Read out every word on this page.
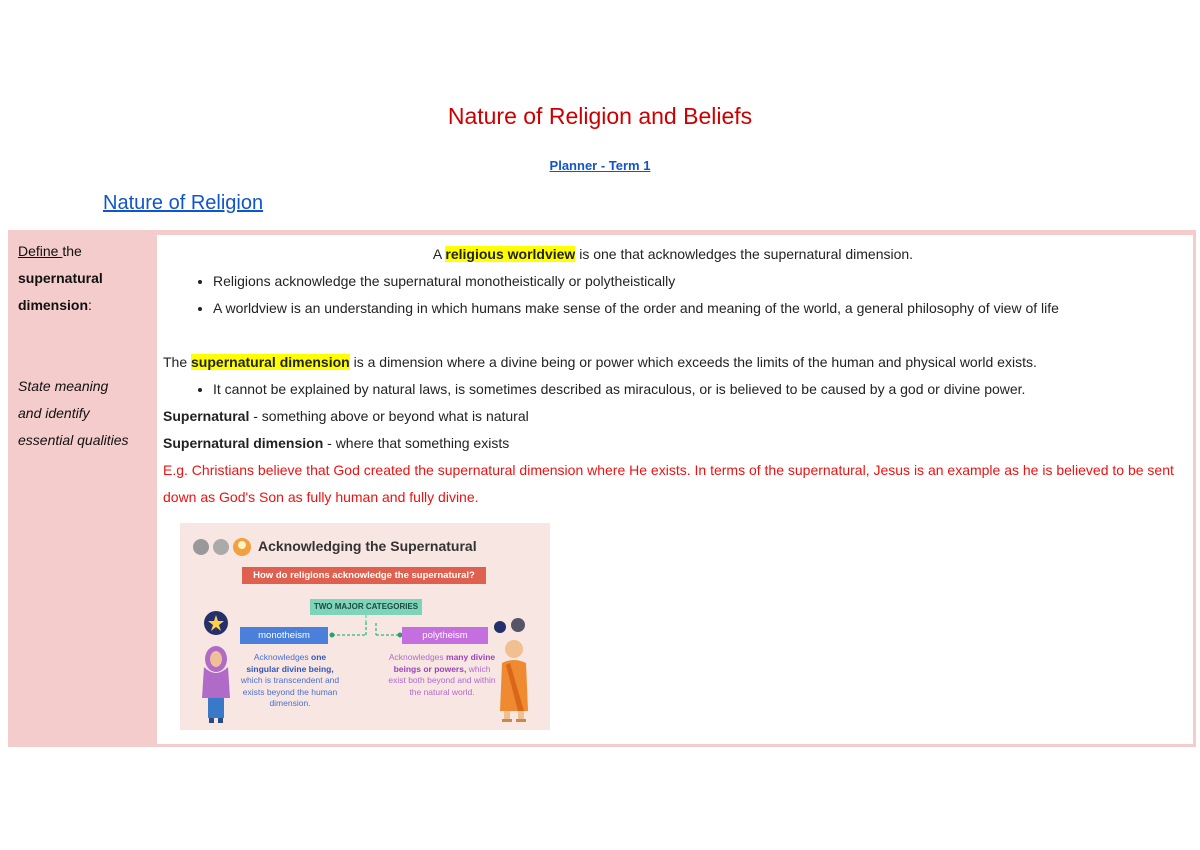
Nature of Religion and Beliefs
Planner - Term 1
Nature of Religion
Define the
supernatural
dimension:
State meaning
and identify
essential qualities
A religious worldview is one that acknowledges the supernatural dimension.
• Religions acknowledge the supernatural monotheistically or polytheistically
• A worldview is an understanding in which humans make sense of the order and meaning of the world, a general philosophy of view of life
The supernatural dimension is a dimension where a divine being or power which exceeds the limits of the human and physical world exists.
• It cannot be explained by natural laws, is sometimes described as miraculous, or is believed to be caused by a god or divine power.
Supernatural - something above or beyond what is natural
Supernatural dimension - where that something exists
E.g. Christians believe that God created the supernatural dimension where He exists. In terms of the supernatural, Jesus is an example as he is believed to be sent down as God's Son as fully human and fully divine.
Acknowledging the Supernatural
How do religions acknowledge the supernatural?
TWO MAJOR CATEGORIES
monotheism	polytheism
Acknowledges one singular divine being, which is transcendent and exists beyond the human dimension.
Acknowledges many divine beings or powers, which exist both beyond and within the natural world.
